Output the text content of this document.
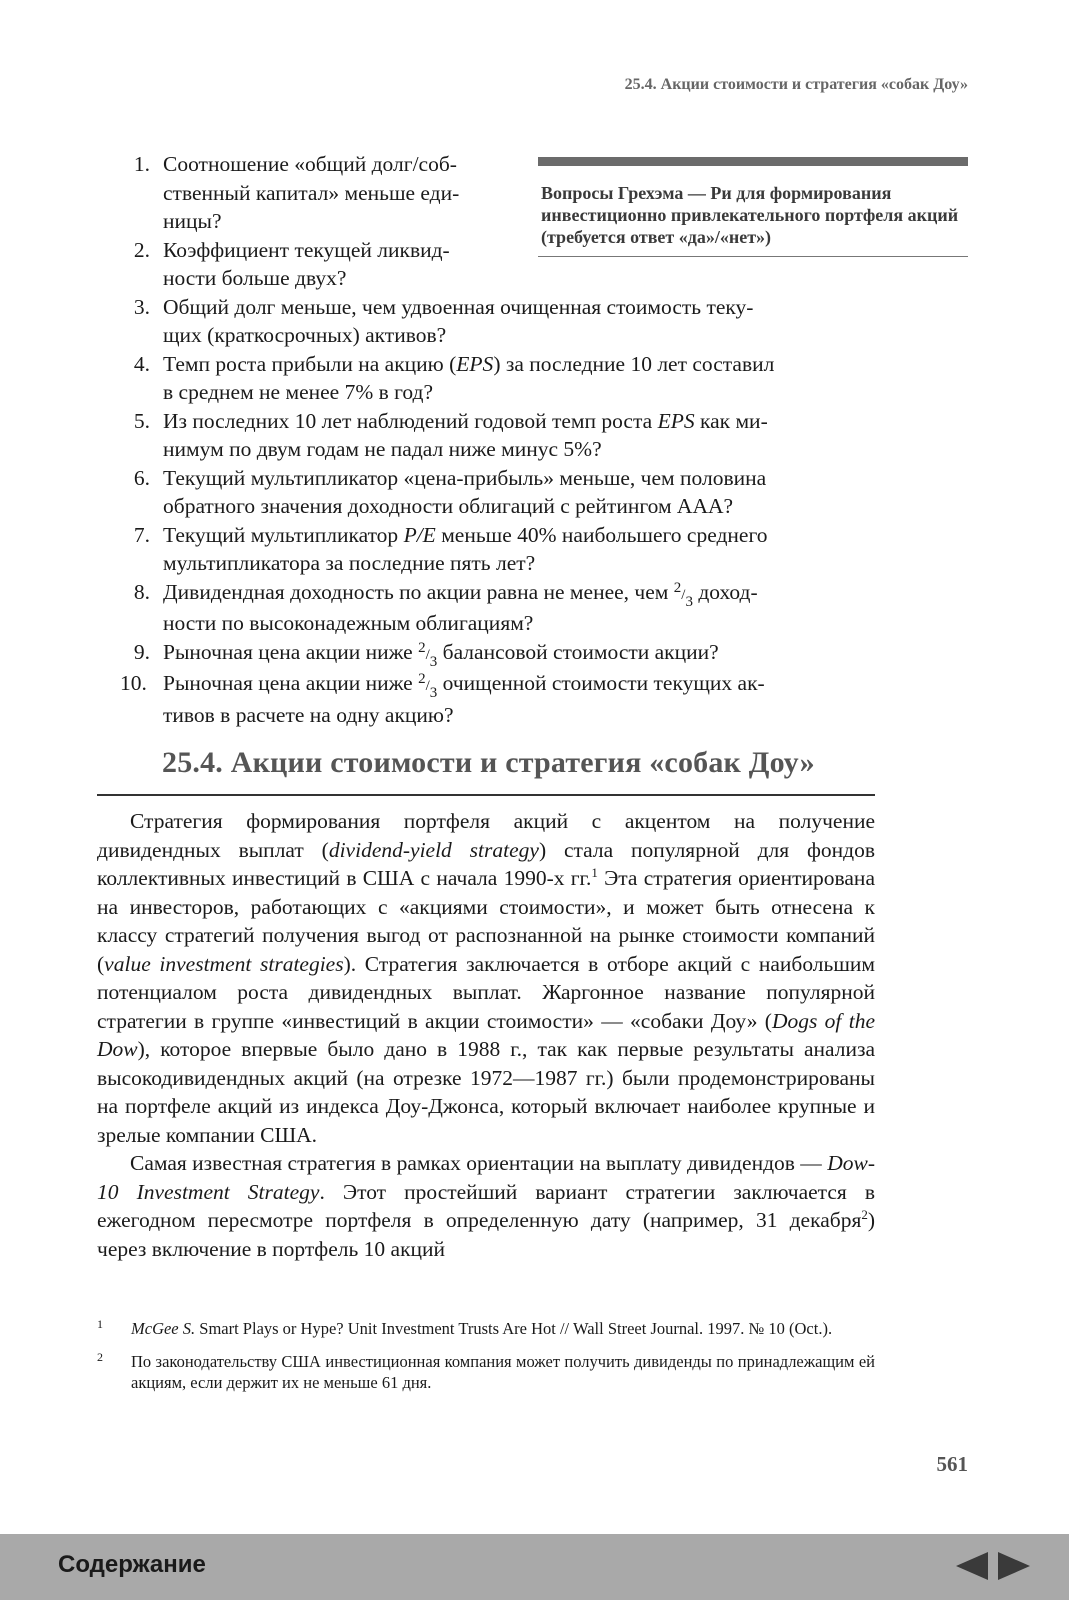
25.4. Акции стоимости и стратегия «собак Доу»
Вопросы Грехэма — Ри для формирования инвестиционно привлекательного портфеля акций (требуется ответ «да»/«нет»)
1. Соотношение «общий долг/соб-
ственный капитал» меньше еди-
ницы?
2. Коэффициент текущей ликвид-
ности больше двух?
3. Общий долг меньше, чем удвоенная очищенная стоимость теку-
щих (краткосрочных) активов?
4. Темп роста прибыли на акцию (EPS) за последние 10 лет составил
в среднем не менее 7% в год?
5. Из последних 10 лет наблюдений годовой темп роста EPS как ми-
нимум по двум годам не падал ниже минус 5%?
6. Текущий мультипликатор «цена-прибыль» меньше, чем половина
обратного значения доходности облигаций с рейтингом ААА?
7. Текущий мультипликатор P/E меньше 40% наибольшего среднего
мультипликатора за последние пять лет?
8. Дивидендная доходность по акции равна не менее, чем 2/3 доход-
ности по высоконадежным облигациям?
9. Рыночная цена акции ниже 2/3 балансовой стоимости акции?
10. Рыночная цена акции ниже 2/3 очищенной стоимости текущих ак-
тивов в расчете на одну акцию?
25.4. Акции стоимости и стратегия «собак Доу»

Стратегия формирования портфеля акций с акцентом на получение дивидендных выплат (dividend-yield strategy) стала популярной для фондов коллективных инвестиций в США с начала 1990-х гг.$^1$ Эта стратегия ориентирована на инвесторов, работающих с «акциями стоимости», и может быть отнесена к классу стратегий получения выгод от распознанной на рынке стоимости компаний (value investment strategies). Стратегия заключается в отборе акций с наибольшим потенциалом роста дивидендных выплат. Жаргонное название популярной стратегии в группе «инвестиций в акции стоимости» — «собаки Доу» (Dogs of the Dow), которое впервые было дано в 1988 г., так как первые результаты анализа высокодивидендных акций (на отрезке 1972—1987 гг.) были продемонстрированы на портфеле акций из индекса Доу-Джонса, который включает наиболее крупные и зрелые компании США.

Самая известная стратегия в рамках ориентации на выплату дивидендов — Dow-10 Investment Strategy. Этот простейший вариант стратегии заключается в ежегодном пересмотре портфеля в определенную дату (например, 31 декабря$^2$) через включение в портфель 10 акций

1 McGee S. Smart Plays or Hype? Unit Investment Trusts Are Hot // Wall Street Journal. 1997. № 10 (Oct.).

2 По законодательству США инвестиционная компания может получить дивиденды по принадлежащим ей акциям, если держит их не меньше 61 дня.

561
Содержание
